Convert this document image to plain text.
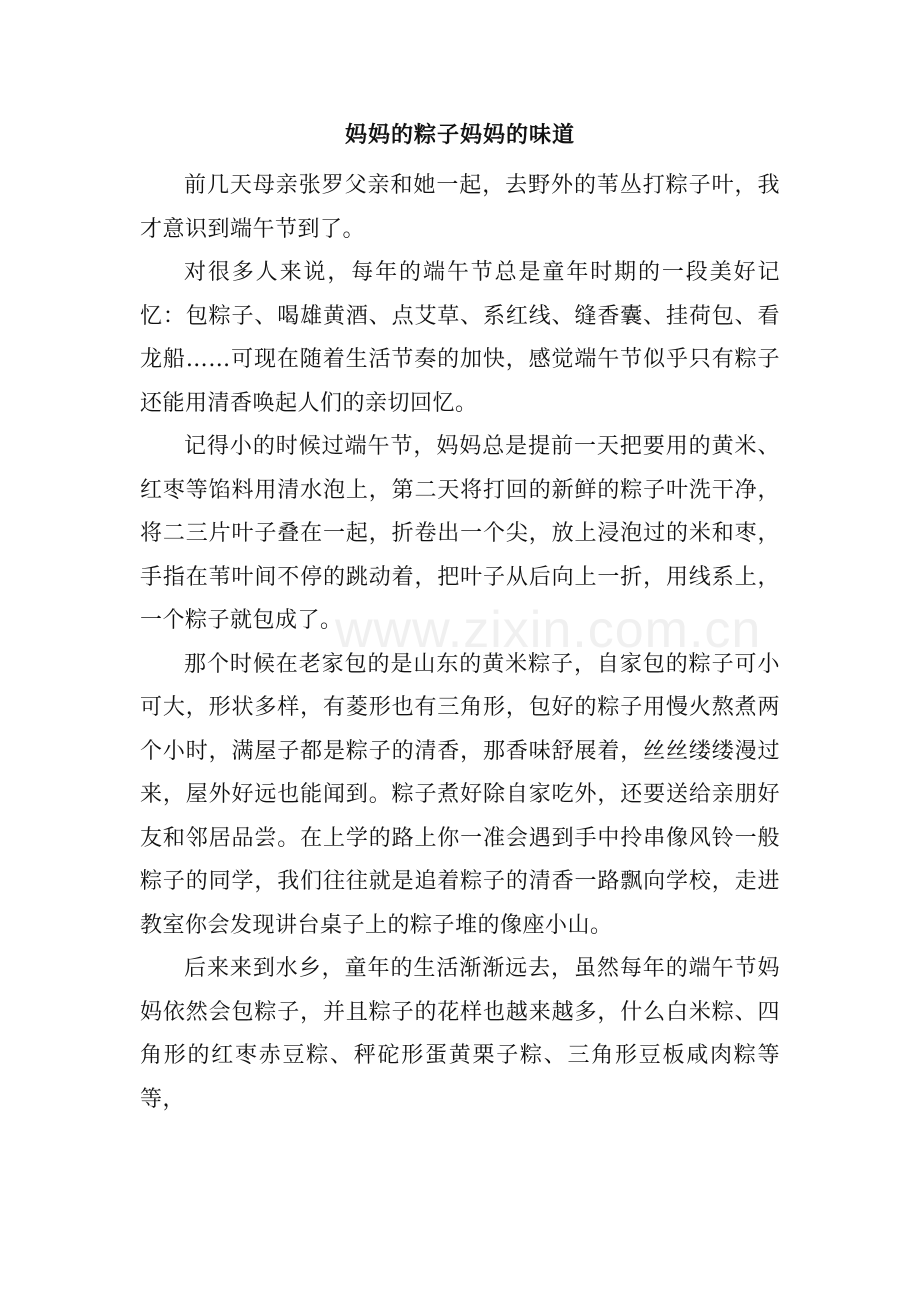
www.zixin.com.cn
妈妈的粽子妈妈的味道

前几天母亲张罗父亲和她一起，去野外的苇丛打粽子叶，我才意识到端午节到了。

对很多人来说，每年的端午节总是童年时期的一段美好记忆：包粽子、喝雄黄酒、点艾草、系红线、缝香囊、挂荷包、看龙船……可现在随着生活节奏的加快，感觉端午节似乎只有粽子还能用清香唤起人们的亲切回忆。

记得小的时候过端午节，妈妈总是提前一天把要用的黄米、红枣等馅料用清水泡上，第二天将打回的新鲜的粽子叶洗干净，将二三片叶子叠在一起，折卷出一个尖，放上浸泡过的米和枣，手指在苇叶间不停的跳动着，把叶子从后向上一折，用线系上，一个粽子就包成了。

那个时候在老家包的是山东的黄米粽子，自家包的粽子可小可大，形状多样，有菱形也有三角形，包好的粽子用慢火熬煮两个小时，满屋子都是粽子的清香，那香味舒展着，丝丝缕缕漫过来，屋外好远也能闻到。粽子煮好除自家吃外，还要送给亲朋好友和邻居品尝。在上学的路上你一准会遇到手中拎串像风铃一般粽子的同学，我们往往就是追着粽子的清香一路飘向学校，走进教室你会发现讲台桌子上的粽子堆的像座小山。

后来来到水乡，童年的生活渐渐远去，虽然每年的端午节妈妈依然会包粽子，并且粽子的花样也越来越多，什么白米粽、四角形的红枣赤豆粽、秤砣形蛋黄栗子粽、三角形豆板咸肉粽等等，
